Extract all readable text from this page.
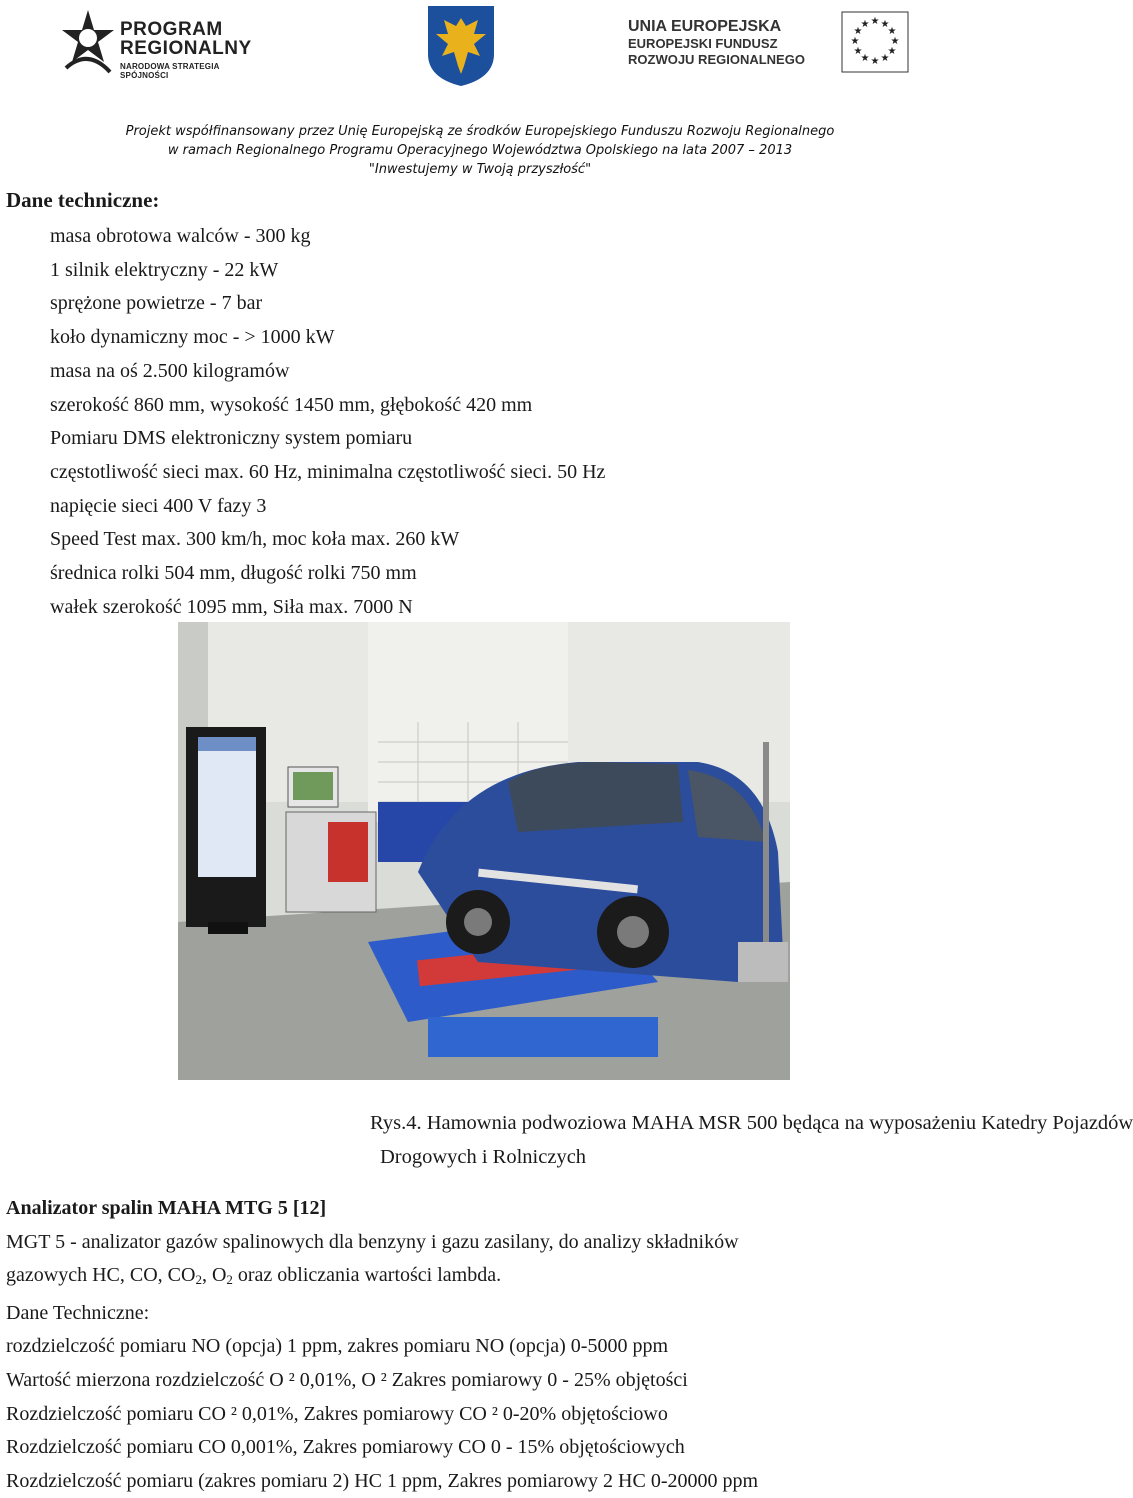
PROGRAM
REGIONALNY
NARODOWA STRATEGIA SPÓJNOŚCI
UNIA EUROPEJSKA
EUROPEJSKI FUNDUSZ
ROZWOJU REGIONALNEGO
★ ★
★
★
★
★
★
★
★
★
★
★
Projekt współfinansowany przez Unię Europejską ze środków Europejskiego Funduszu Rozwoju Regionalnego
w ramach Regionalnego Programu Operacyjnego Województwa Opolskiego na lata 2007 – 2013
"Inwestujemy w Twoją przyszłość"
Dane techniczne:
masa obrotowa walców - 300 kg
1 silnik elektryczny - 22 kW
sprężone powietrze - 7 bar
koło dynamiczny moc - > 1000 kW
masa na oś 2.500 kilogramów
szerokość 860 mm, wysokość 1450 mm, głębokość 420 mm
Pomiaru DMS elektroniczny system pomiaru
częstotliwość sieci max. 60 Hz, minimalna częstotliwość sieci. 50 Hz
napięcie sieci 400 V fazy 3
Speed Test max. 300 km/h, moc koła max. 260 kW
średnica rolki 504 mm, długość rolki 750 mm
wałek szerokość 1095 mm, Siła max. 7000 N
Rys.4. Hamownia podwoziowa MAHA MSR 500 będąca na wyposażeniu Katedry Pojazdów
Drogowych i Rolniczych
Analizator spalin MAHA MTG 5 [12]
MGT 5 - analizator gazów spalinowych dla benzyny i gazu zasilany, do analizy składników
gazowych HC, CO, $CO_2$, $O_2$ oraz obliczania wartości lambda.
Dane Techniczne:
rozdzielczość pomiaru NO (opcja) 1 ppm, zakres pomiaru NO (opcja) 0-5000 ppm
Wartość mierzona rozdzielczość O ² 0,01%, O ² Zakres pomiarowy 0 - 25% objętości
Rozdzielczość pomiaru CO ² 0,01%, Zakres pomiarowy CO ² 0-20% objętościowo
Rozdzielczość pomiaru CO 0,001%, Zakres pomiarowy CO 0 - 15% objętościowych
Rozdzielczość pomiaru (zakres pomiaru 2) HC 1 ppm, Zakres pomiarowy 2 HC 0-20000 ppm
